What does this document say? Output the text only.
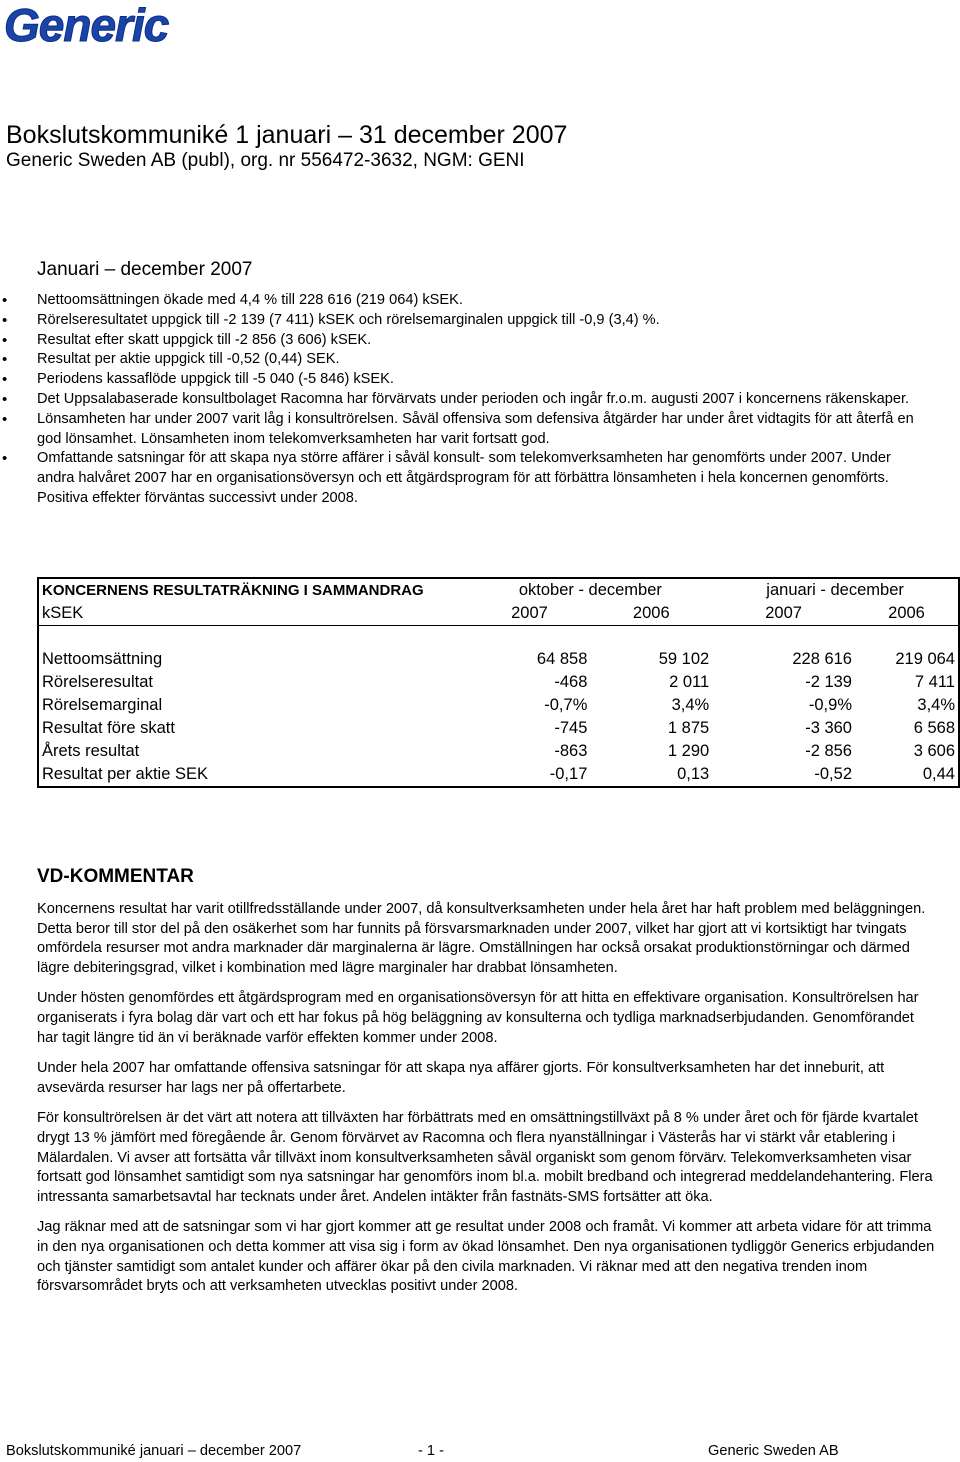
Generic
Bokslutskommuniké 1 januari – 31 december 2007
Generic Sweden AB (publ), org. nr 556472-3632, NGM: GENI
Januari – december 2007
• Nettoomsättningen ökade med 4,4 % till 228 616 (219 064) kSEK.
• Rörelseresultatet uppgick till -2 139 (7 411) kSEK och rörelsemarginalen uppgick till -0,9 (3,4) %.
• Resultat efter skatt uppgick till -2 856 (3 606) kSEK.
• Resultat per aktie uppgick till -0,52 (0,44) SEK.
• Periodens kassaflöde uppgick till -5 040 (-5 846) kSEK.
• Det Uppsalabaserade konsultbolaget Racomna har förvärvats under perioden och ingår fr.o.m. augusti 2007 i koncernens räkenskaper.
• Lönsamheten har under 2007 varit låg i konsultrörelsen. Såväl offensiva som defensiva åtgärder har under året vidtagits för att återfå en god lönsamhet. Lönsamheten inom telekomverksamheten har varit fortsatt god.
• Omfattande satsningar för att skapa nya större affärer i såväl konsult- som telekomverksamheten har genomförts under 2007. Under andra halvåret 2007 har en organisationsöversyn och ett åtgärdsprogram för att förbättra lönsamheten i hela koncernen genomförts. Positiva effekter förväntas successivt under 2008.
KONCERNENS RESULTATRÄKNING I SAMMANDRAG	oktober - december		januari - december	
kSEK	2007	2006	2007	2006

Nettoomsättning	64 858	59 102	228 616	219 064
Rörelseresultat	-468	2 011	-2 139	7 411
Rörelsemarginal	-0,7%	3,4%	-0,9%	3,4%
Resultat före skatt	-745	1 875	-3 360	6 568
Årets resultat	-863	1 290	-2 856	3 606
Resultat per aktie SEK	-0,17	0,13	-0,52	0,44
VD-KOMMENTAR

Koncernens resultat har varit otillfredsställande under 2007, då konsultverksamheten under hela året har haft problem med beläggningen. Detta beror till stor del på den osäkerhet som har funnits på försvarsmarknaden under 2007, vilket har gjort att vi kortsiktigt har tvingats omfördela resurser mot andra marknader där marginalerna är lägre. Omställningen har också orsakat produktionstörningar och därmed lägre debiteringsgrad, vilket i kombination med lägre marginaler har drabbat lönsamheten.

Under hösten genomfördes ett åtgärdsprogram med en organisationsöversyn för att hitta en effektivare organisation. Konsultrörelsen har organiserats i fyra bolag där vart och ett har fokus på hög beläggning av konsulterna och tydliga marknadserbjudanden. Genomförandet har tagit längre tid än vi beräknade varför effekten kommer under 2008.

Under hela 2007 har omfattande offensiva satsningar för att skapa nya affärer gjorts. För konsultverksamheten har det inneburit, att avsevärda resurser har lags ner på offertarbete.

För konsultrörelsen är det värt att notera att tillväxten har förbättrats med en omsättningstillväxt på 8 % under året och för fjärde kvartalet drygt 13 % jämfört med föregående år. Genom förvärvet av Racomna och flera nyanställningar i Västerås har vi stärkt vår etablering i Mälardalen. Vi avser att fortsätta vår tillväxt inom konsultverksamheten såväl organiskt som genom förvärv. Telekomverksamheten visar fortsatt god lönsamhet samtidigt som nya satsningar har genomförs inom bl.a. mobilt bredband och integrerad meddelandehantering. Flera intressanta samarbetsavtal har tecknats under året. Andelen intäkter från fastnäts-SMS fortsätter att öka.

Jag räknar med att de satsningar som vi har gjort kommer att ge resultat under 2008 och framåt. Vi kommer att arbeta vidare för att trimma in den nya organisationen och detta kommer att visa sig i form av ökad lönsamhet. Den nya organisationen tydliggör Generics erbjudanden och tjänster samtidigt som antalet kunder och affärer ökar på den civila marknaden. Vi räknar med att den negativa trenden inom försvarsområdet bryts och att verksamheten utvecklas positivt under 2008.

Bokslutskommuniké januari – december 2007	- 1 -	Generic Sweden AB
